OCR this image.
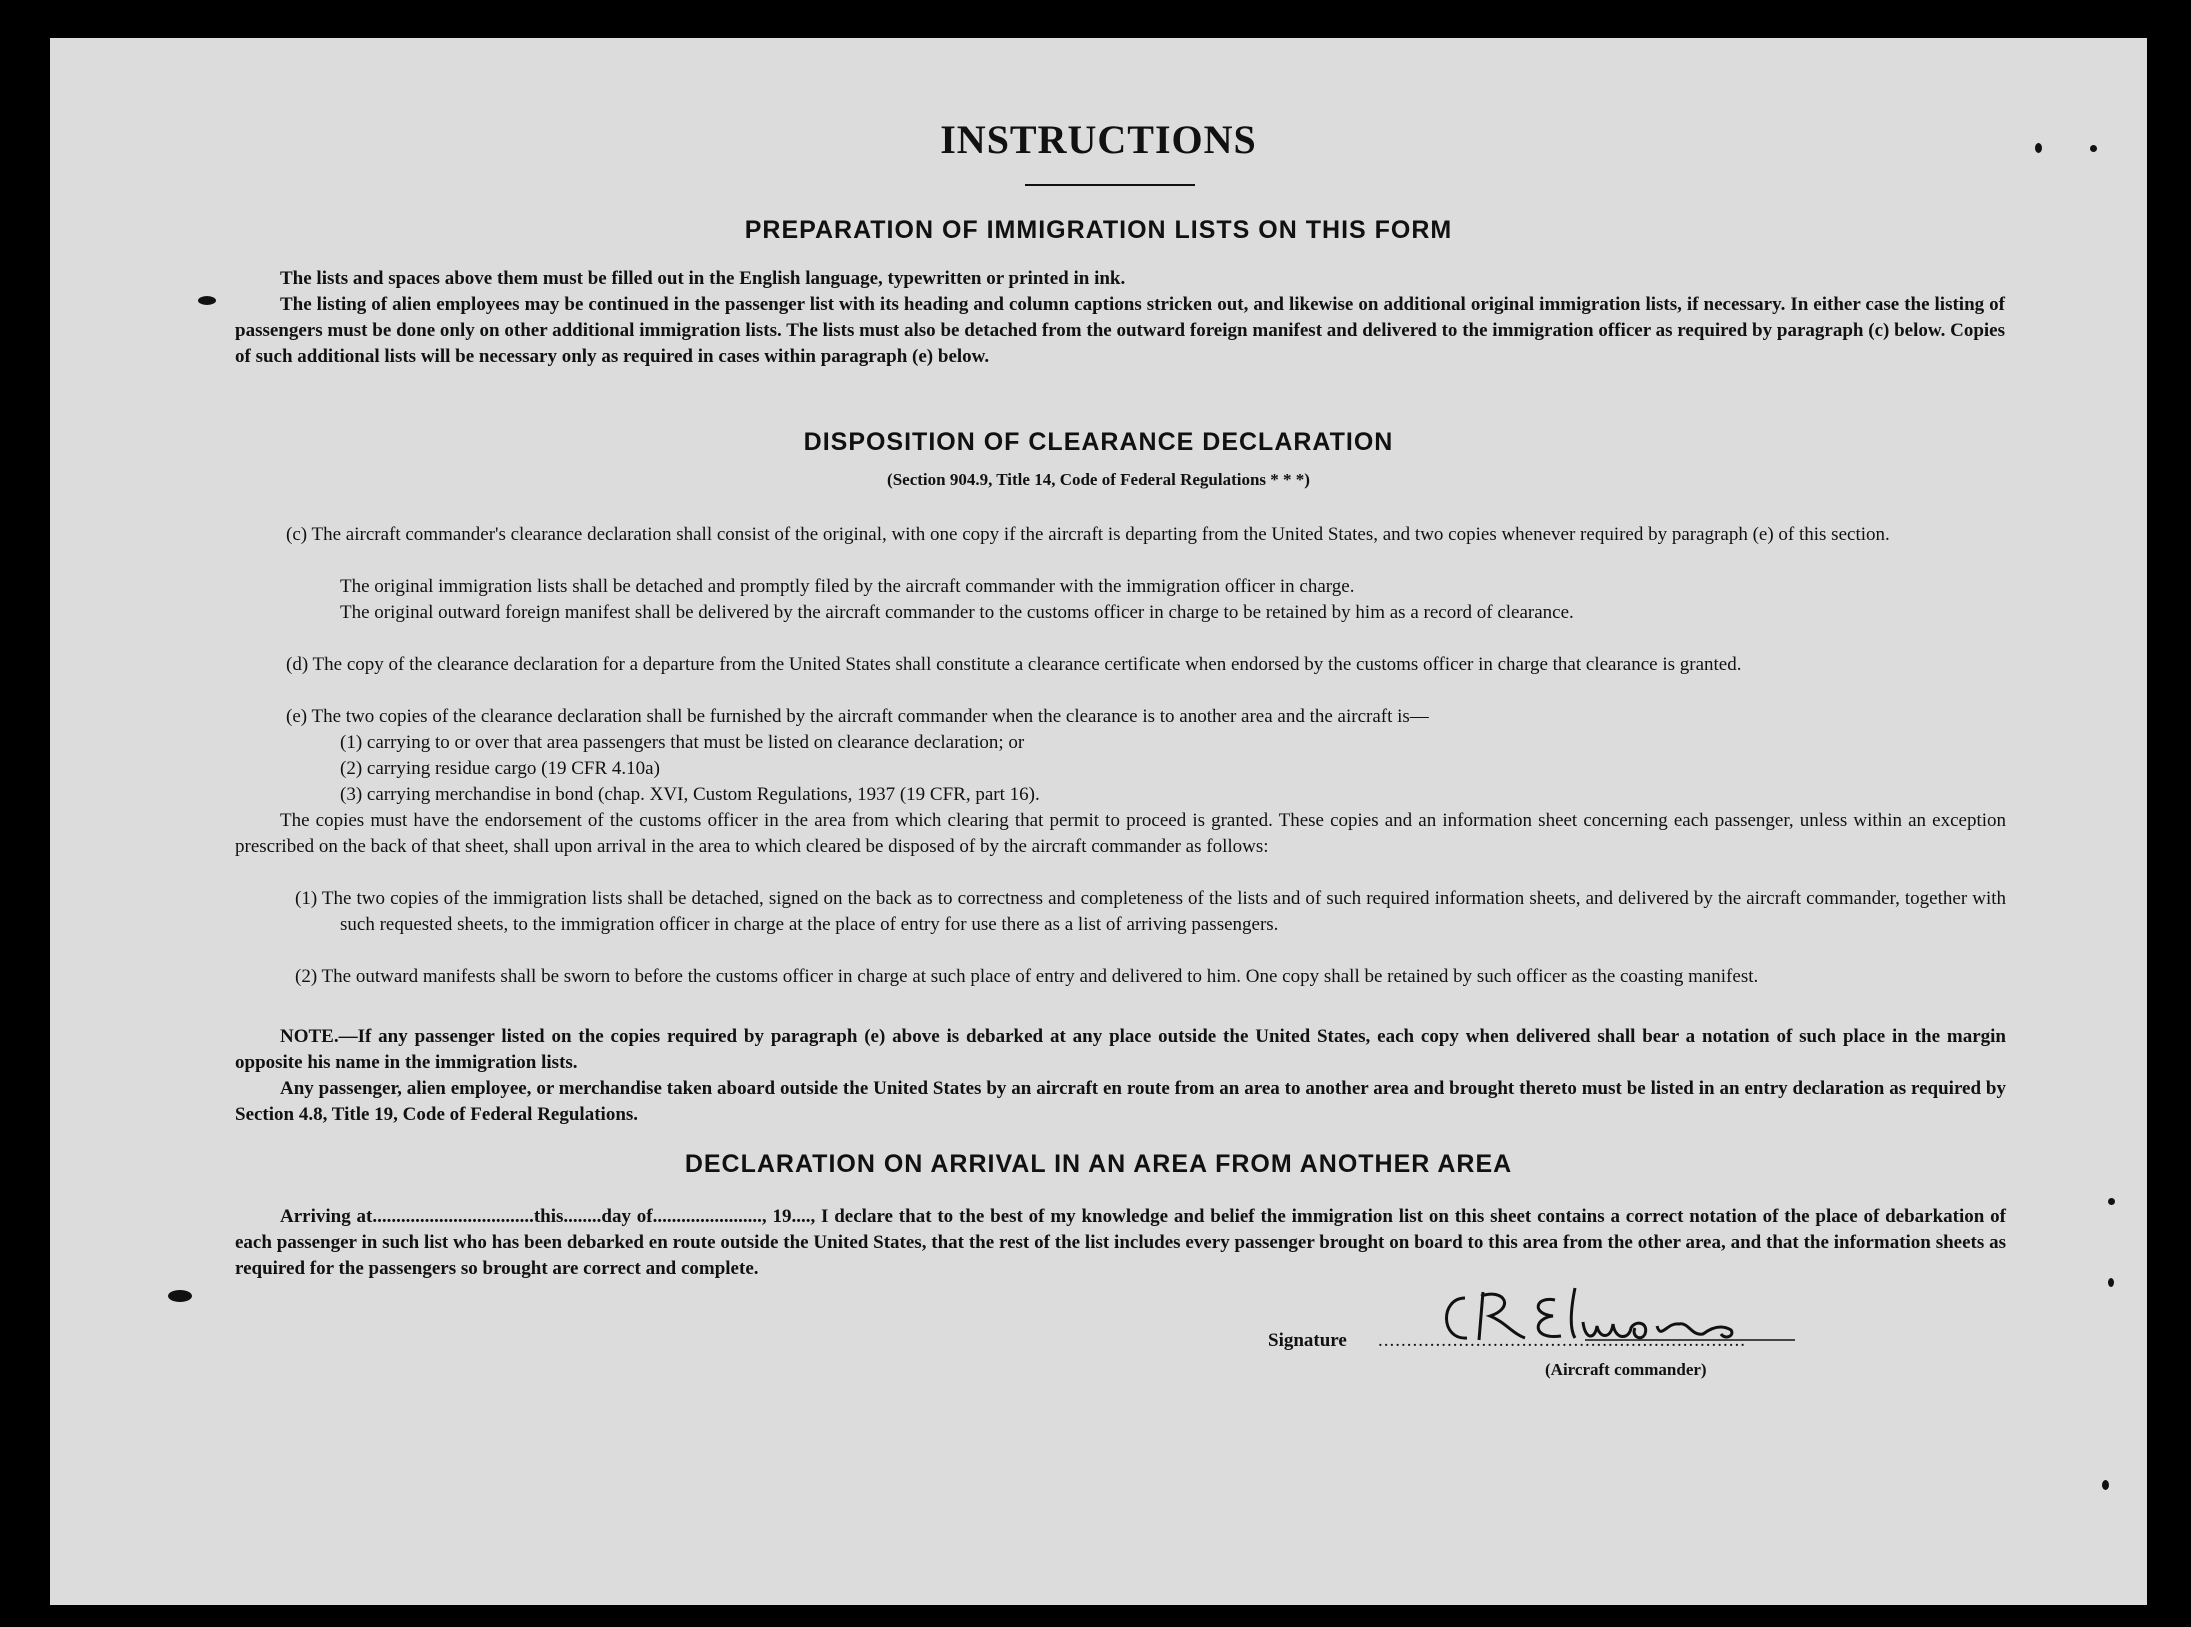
INSTRUCTIONS
PREPARATION OF IMMIGRATION LISTS ON THIS FORM
The lists and spaces above them must be filled out in the English language, typewritten or printed in ink.
The listing of alien employees may be continued in the passenger list with its heading and column captions stricken out, and likewise on additional original immigration lists, if necessary. In either case the listing of passengers must be done only on other additional immigration lists. The lists must also be detached from the outward foreign manifest and delivered to the immigration officer as required by paragraph (c) below. Copies of such additional lists will be necessary only as required in cases within paragraph (e) below.
DISPOSITION OF CLEARANCE DECLARATION
(Section 904.9, Title 14, Code of Federal Regulations * * *)
(c) The aircraft commander's clearance declaration shall consist of the original, with one copy if the aircraft is departing from the United States, and two copies whenever required by paragraph (e) of this section.
The original immigration lists shall be detached and promptly filed by the aircraft commander with the immigration officer in charge.
The original outward foreign manifest shall be delivered by the aircraft commander to the customs officer in charge to be retained by him as a record of clearance.
(d) The copy of the clearance declaration for a departure from the United States shall constitute a clearance certificate when endorsed by the customs officer in charge that clearance is granted.
(e) The two copies of the clearance declaration shall be furnished by the aircraft commander when the clearance is to another area and the aircraft is—
(1) carrying to or over that area passengers that must be listed on clearance declaration; or
(2) carrying residue cargo (19 CFR 4.10a)
(3) carrying merchandise in bond (chap. XVI, Custom Regulations, 1937 (19 CFR, part 16).
The copies must have the endorsement of the customs officer in the area from which clearing that permit to proceed is granted. These copies and an information sheet concerning each passenger, unless within an exception prescribed on the back of that sheet, shall upon arrival in the area to which cleared be disposed of by the aircraft commander as follows:
(1) The two copies of the immigration lists shall be detached, signed on the back as to correctness and completeness of the lists and of such required information sheets, and delivered by the aircraft commander, together with such requested sheets, to the immigration officer in charge at the place of entry for use there as a list of arriving passengers.
(2) The outward manifests shall be sworn to before the customs officer in charge at such place of entry and delivered to him. One copy shall be retained by such officer as the coasting manifest.
NOTE.—If any passenger listed on the copies required by paragraph (e) above is debarked at any place outside the United States, each copy when delivered shall bear a notation of such place in the margin opposite his name in the immigration lists.
Any passenger, alien employee, or merchandise taken aboard outside the United States by an aircraft en route from an area to another area and brought thereto must be listed in an entry declaration as required by Section 4.8, Title 19, Code of Federal Regulations.
DECLARATION ON ARRIVAL IN AN AREA FROM ANOTHER AREA
Arriving at..................................this........day of......................., 19...., I declare that to the best of my knowledge and belief the immigration list on this sheet contains a correct notation of the place of debarkation of each passenger in such list who has been debarked en route outside the United States, that the rest of the list includes every passenger brought on board to this area from the other area, and that the information sheets as required for the passengers so brought are correct and complete.
Signature ................................................................
(Aircraft commander)
